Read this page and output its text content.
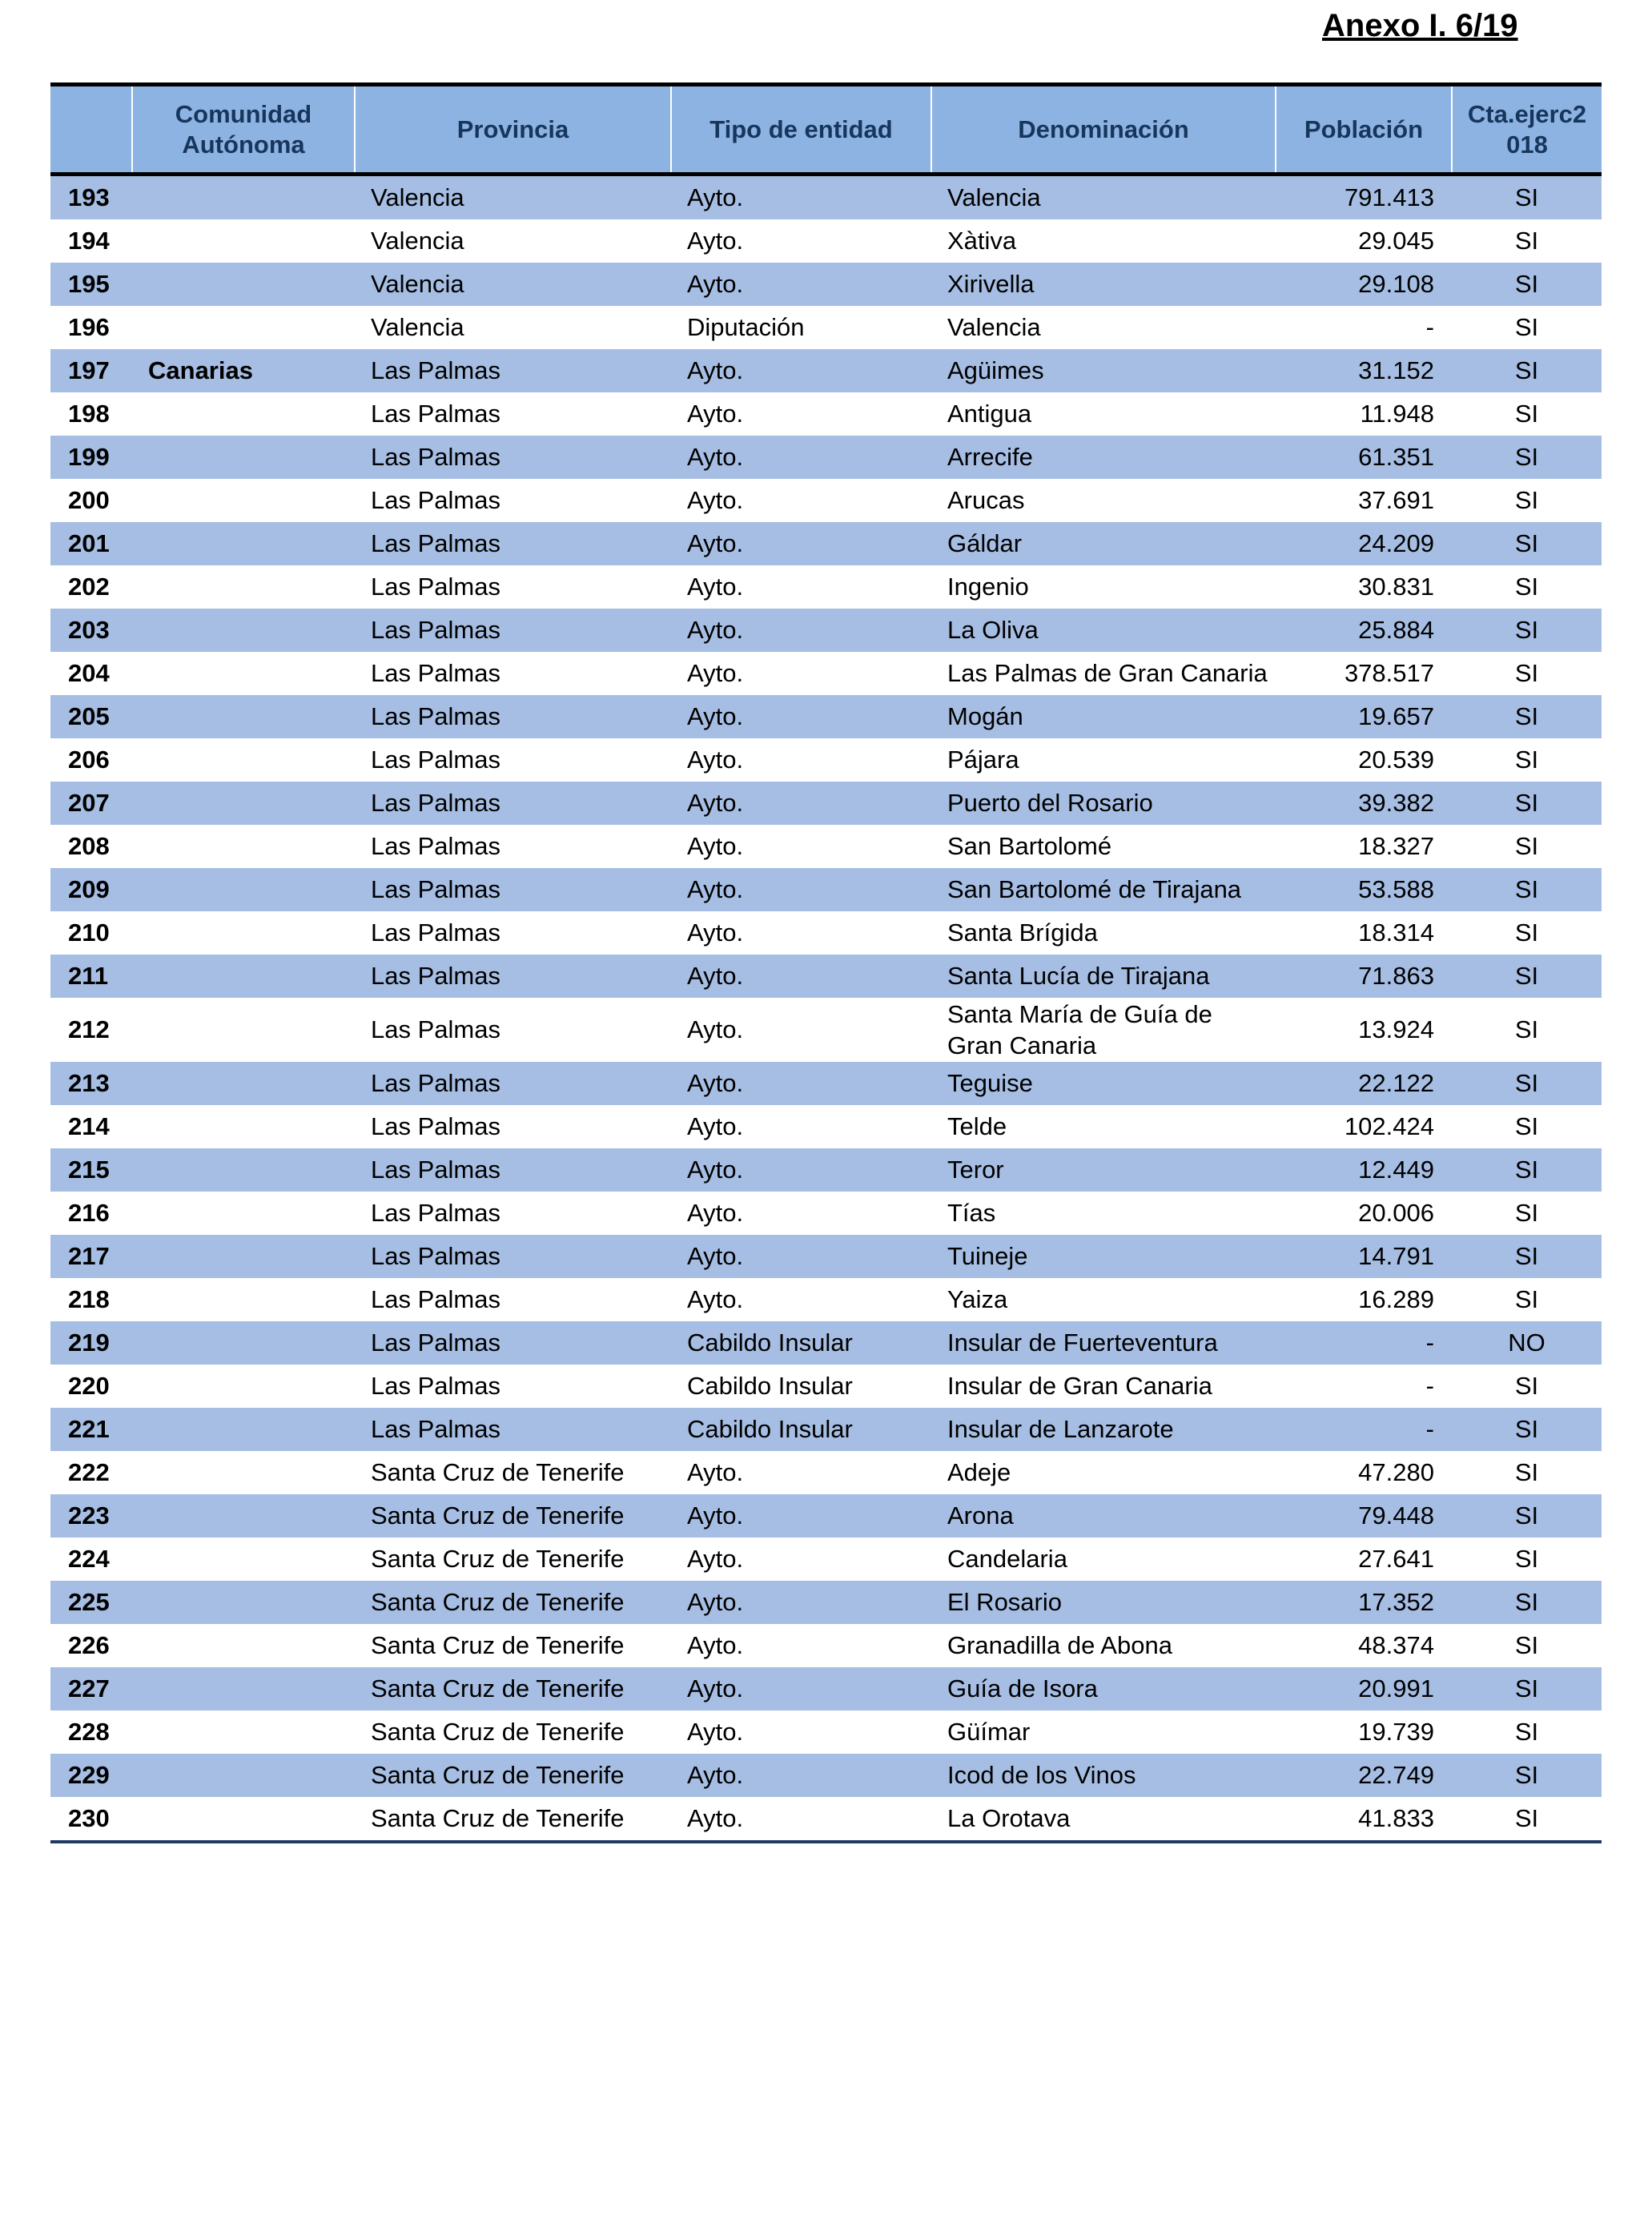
Anexo I. 6/19
	Comunidad Autónoma	Provincia	Tipo de entidad	Denominación	Población	Cta.ejerc2 018
193		Valencia	Ayto.	Valencia	791.413	SI
194		Valencia	Ayto.	Xàtiva	29.045	SI
195		Valencia	Ayto.	Xirivella	29.108	SI
196		Valencia	Diputación	Valencia	-	SI
197	Canarias	Las Palmas	Ayto.	Agüimes	31.152	SI
198		Las Palmas	Ayto.	Antigua	11.948	SI
199		Las Palmas	Ayto.	Arrecife	61.351	SI
200		Las Palmas	Ayto.	Arucas	37.691	SI
201		Las Palmas	Ayto.	Gáldar	24.209	SI
202		Las Palmas	Ayto.	Ingenio	30.831	SI
203		Las Palmas	Ayto.	La Oliva	25.884	SI
204		Las Palmas	Ayto.	Las Palmas de Gran Canaria	378.517	SI
205		Las Palmas	Ayto.	Mogán	19.657	SI
206		Las Palmas	Ayto.	Pájara	20.539	SI
207		Las Palmas	Ayto.	Puerto del Rosario	39.382	SI
208		Las Palmas	Ayto.	San Bartolomé	18.327	SI
209		Las Palmas	Ayto.	San Bartolomé de Tirajana	53.588	SI
210		Las Palmas	Ayto.	Santa Brígida	18.314	SI
211		Las Palmas	Ayto.	Santa Lucía de Tirajana	71.863	SI
212		Las Palmas	Ayto.	Santa María de Guía de Gran Canaria	13.924	SI
213		Las Palmas	Ayto.	Teguise	22.122	SI
214		Las Palmas	Ayto.	Telde	102.424	SI
215		Las Palmas	Ayto.	Teror	12.449	SI
216		Las Palmas	Ayto.	Tías	20.006	SI
217		Las Palmas	Ayto.	Tuineje	14.791	SI
218		Las Palmas	Ayto.	Yaiza	16.289	SI
219		Las Palmas	Cabildo Insular	Insular de Fuerteventura	-	NO
220		Las Palmas	Cabildo Insular	Insular de Gran Canaria	-	SI
221		Las Palmas	Cabildo Insular	Insular de Lanzarote	-	SI
222		Santa Cruz de Tenerife	Ayto.	Adeje	47.280	SI
223		Santa Cruz de Tenerife	Ayto.	Arona	79.448	SI
224		Santa Cruz de Tenerife	Ayto.	Candelaria	27.641	SI
225		Santa Cruz de Tenerife	Ayto.	El Rosario	17.352	SI
226		Santa Cruz de Tenerife	Ayto.	Granadilla de Abona	48.374	SI
227		Santa Cruz de Tenerife	Ayto.	Guía de Isora	20.991	SI
228		Santa Cruz de Tenerife	Ayto.	Güímar	19.739	SI
229		Santa Cruz de Tenerife	Ayto.	Icod de los Vinos	22.749	SI
230		Santa Cruz de Tenerife	Ayto.	La Orotava	41.833	SI
